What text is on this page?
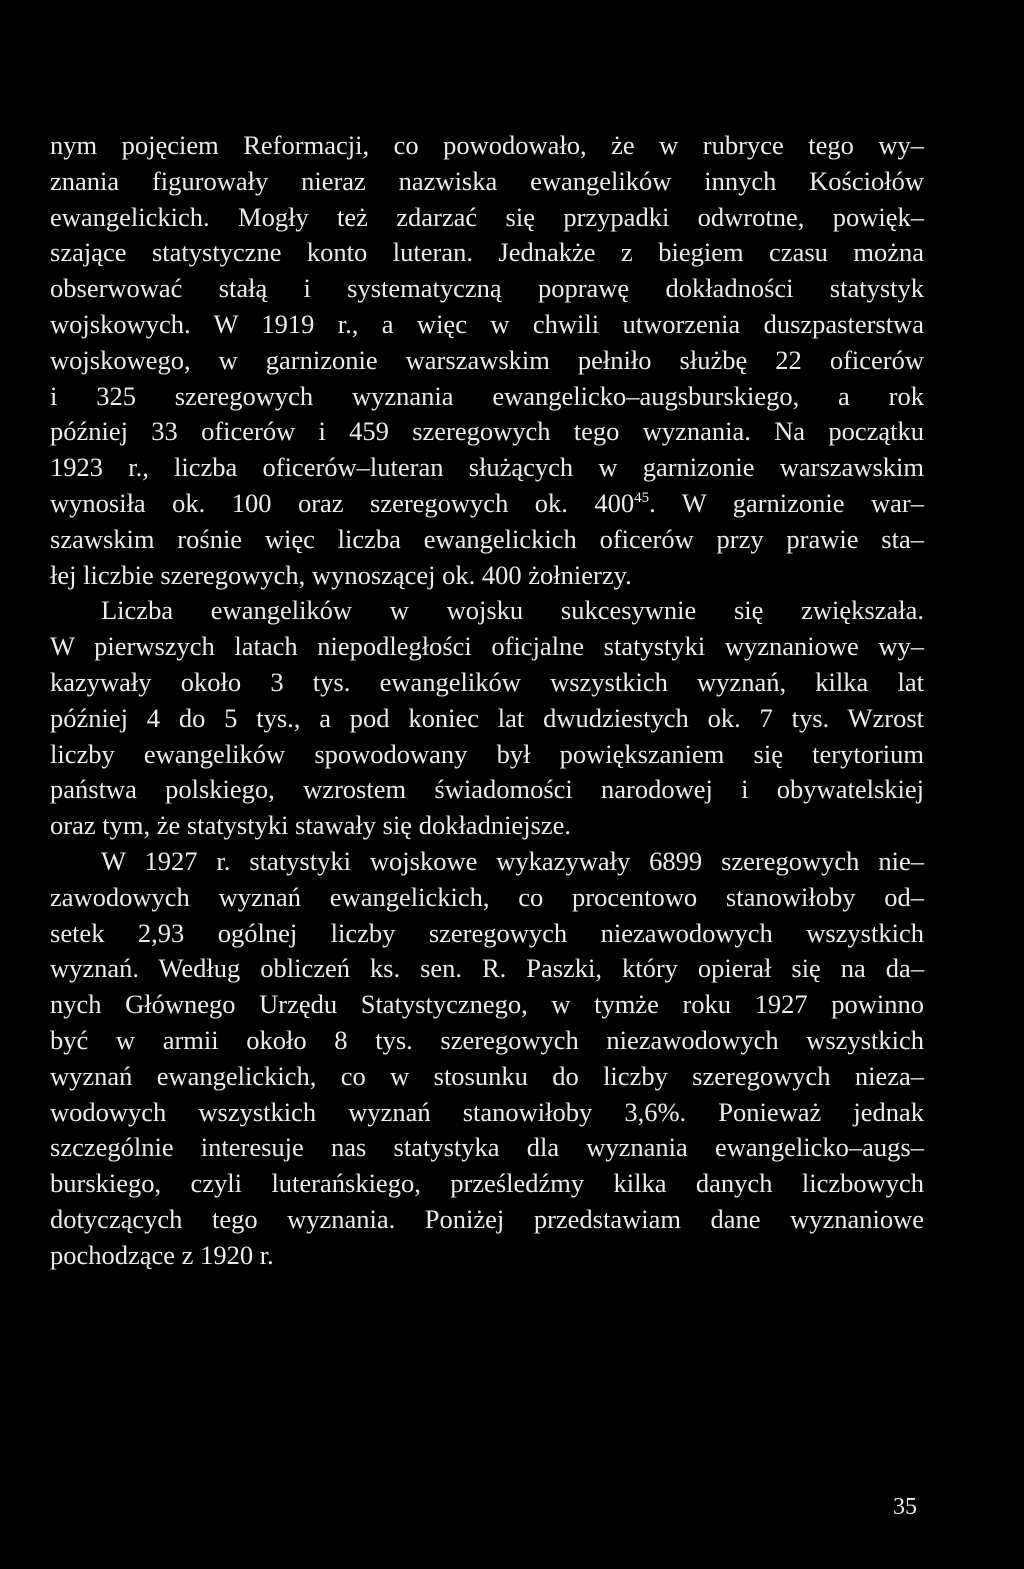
nym pojęciem Reformacji, co powodowało, że w rubryce tego wy–
znania figurowały nieraz nazwiska ewangelików innych Kościołów
ewangelickich. Mogły też zdarzać się przypadki odwrotne, powięk–
szające statystyczne konto luteran. Jednakże z biegiem czasu można
obserwować stałą i systematyczną poprawę dokładności statystyk
wojskowych. W 1919 r., a więc w chwili utworzenia duszpasterstwa
wojskowego, w garnizonie warszawskim pełniło służbę 22 oficerów
i 325 szeregowych wyznania ewangelicko–augsburskiego, a rok
później 33 oficerów i 459 szeregowych tego wyznania. Na początku
1923 r., liczba oficerów–luteran służących w garnizonie warszawskim
wynosiła ok. 100 oraz szeregowych ok. $400^{45}$. W garnizonie war–
szawskim rośnie więc liczba ewangelickich oficerów przy prawie sta–
łej liczbie szeregowych, wynoszącej ok. 400 żołnierzy.
Liczba ewangelików w wojsku sukcesywnie się zwiększała.
W pierwszych latach niepodległości oficjalne statystyki wyznaniowe wy–
kazywały około 3 tys. ewangelików wszystkich wyznań, kilka lat
później 4 do 5 tys., a pod koniec lat dwudziestych ok. 7 tys. Wzrost
liczby ewangelików spowodowany był powiększaniem się terytorium
państwa polskiego, wzrostem świadomości narodowej i obywatelskiej
oraz tym, że statystyki stawały się dokładniejsze.
W 1927 r. statystyki wojskowe wykazywały 6899 szeregowych nie–
zawodowych wyznań ewangelickich, co procentowo stanowiłoby od–
setek 2,93 ogólnej liczby szeregowych niezawodowych wszystkich
wyznań. Według obliczeń ks. sen. R. Paszki, który opierał się na da–
nych Głównego Urzędu Statystycznego, w tymże roku 1927 powinno
być w armii około 8 tys. szeregowych niezawodowych wszystkich
wyznań ewangelickich, co w stosunku do liczby szeregowych nieza–
wodowych wszystkich wyznań stanowiłoby 3,6%. Ponieważ jednak
szczególnie interesuje nas statystyka dla wyznania ewangelicko–augs–
burskiego, czyli luterańskiego, prześledźmy kilka danych liczbowych
dotyczących tego wyznania. Poniżej przedstawiam dane wyznaniowe
pochodzące z 1920 r.
35
